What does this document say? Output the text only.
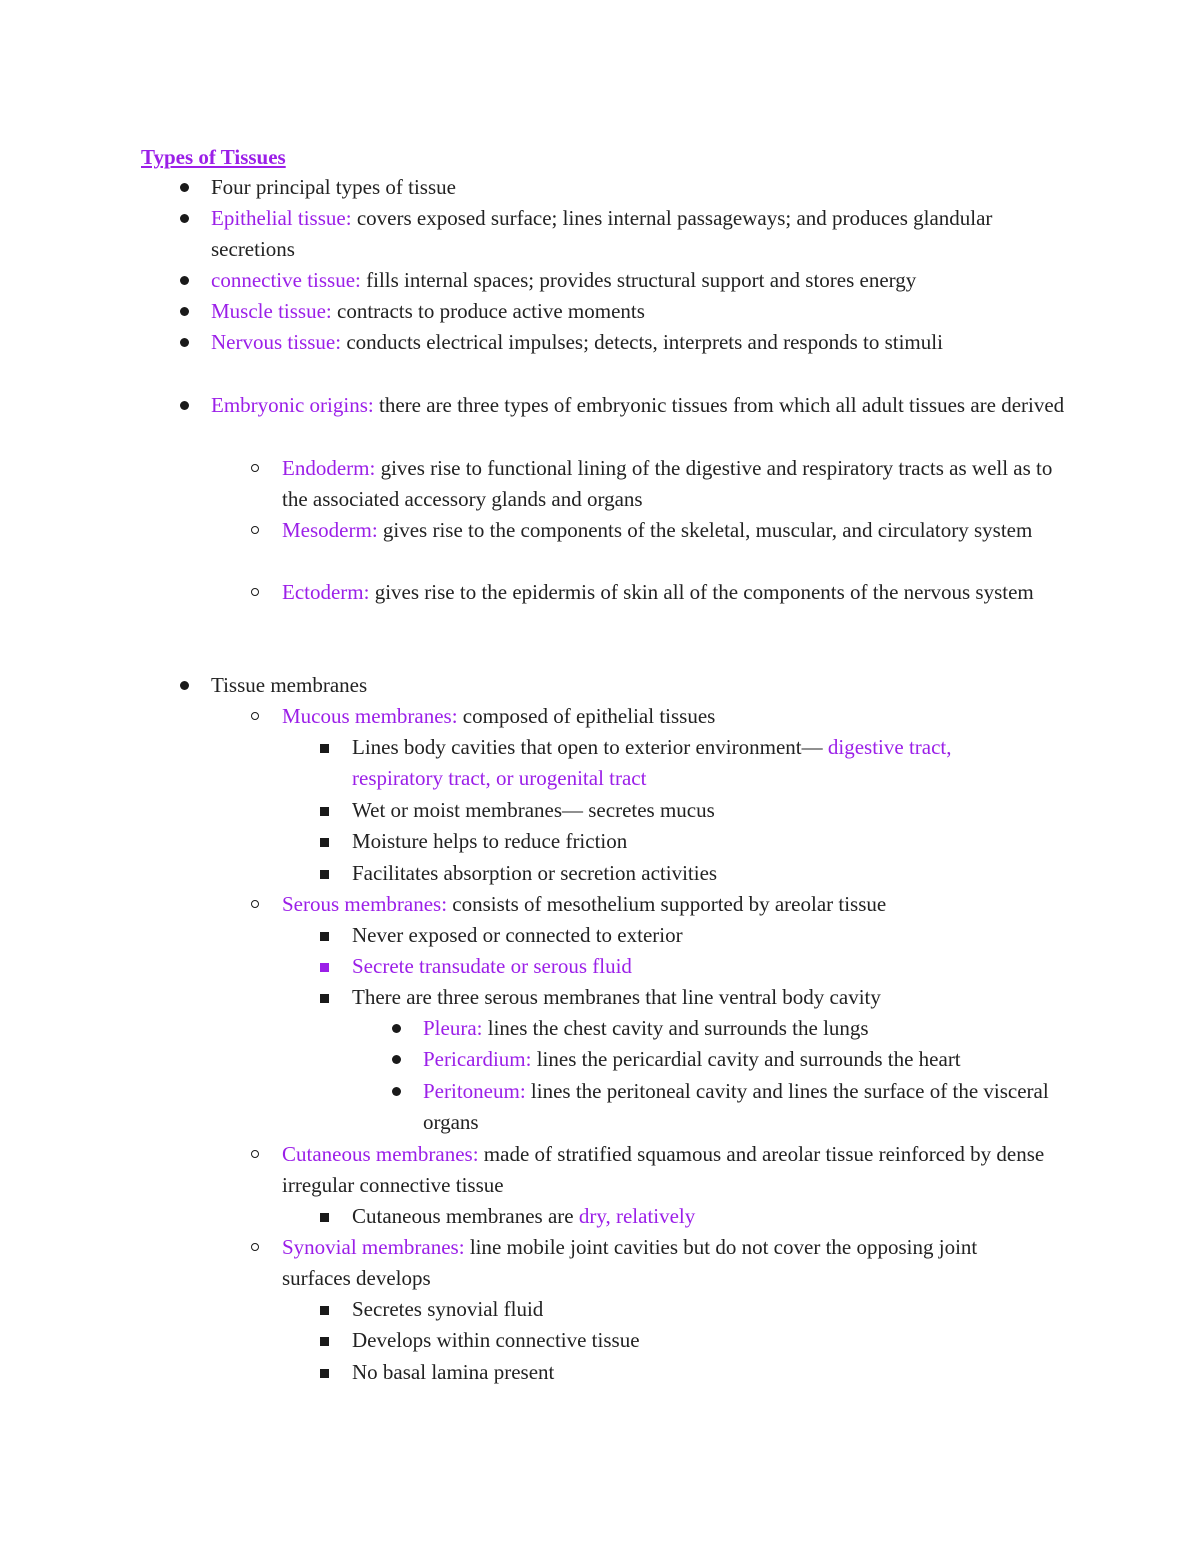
Types of Tissues
Four principal types of tissue
Epithelial tissue: covers exposed surface; lines internal passageways; and produces glandular secretions
connective tissue: fills internal spaces; provides structural support and stores energy
Muscle tissue: contracts to produce active moments
Nervous tissue: conducts electrical impulses; detects, interprets and responds to stimuli
Embryonic origins: there are three types of embryonic tissues from which all adult tissues are derived
Endoderm: gives rise to functional lining of the digestive and respiratory tracts as well as to the associated accessory glands and organs
Mesoderm: gives rise to the components of the skeletal, muscular, and circulatory system
Ectoderm: gives rise to the epidermis of skin all of the components of the nervous system
Tissue membranes
Mucous membranes: composed of epithelial tissues
Lines body cavities that open to exterior environment— digestive tract, respiratory tract, or urogenital tract
Wet or moist membranes— secretes mucus
Moisture helps to reduce friction
Facilitates absorption or secretion activities
Serous membranes: consists of mesothelium supported by areolar tissue
Never exposed or connected to exterior
Secrete transudate or serous fluid
There are three serous membranes that line ventral body cavity
Pleura: lines the chest cavity and surrounds the lungs
Pericardium: lines the pericardial cavity and surrounds the heart
Peritoneum: lines the peritoneal cavity and lines the surface of the visceral organs
Cutaneous membranes: made of stratified squamous and areolar tissue reinforced by dense irregular connective tissue
Cutaneous membranes are dry, relatively
Synovial membranes: line mobile joint cavities but do not cover the opposing joint surfaces develops
Secretes synovial fluid
Develops within connective tissue
No basal lamina present
